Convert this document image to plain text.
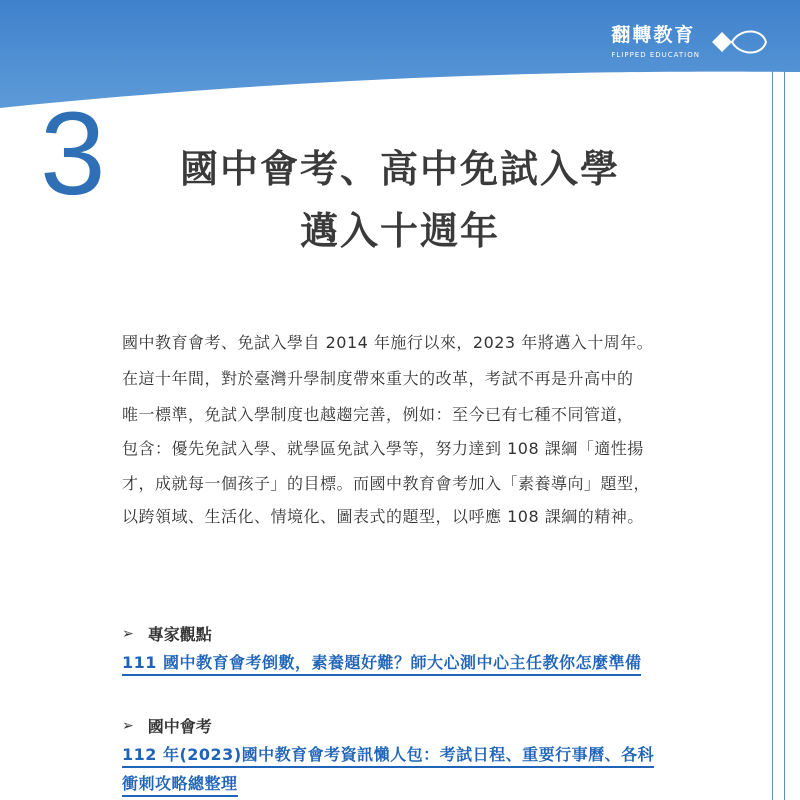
翻轉教育
FLIPPED EDUCATION
3	國中會考、高中免試入學
邁入十週年
國中教育會考、免試入學自 2014 年施行以來，2023 年將邁入十周年。
在這十年間，對於臺灣升學制度帶來重大的改革，考試不再是升高中的
唯一標準，免試入學制度也越趨完善，例如：至今已有七種不同管道，
包含：優先免試入學、就學區免試入學等，努力達到 108 課綱「適性揚
才，成就每一個孩子」的目標。而國中教育會考加入「素養導向」題型，
以跨領域、生活化、情境化、圖表式的題型，以呼應 108 課綱的精神。
➢ 專家觀點
111 國中教育會考倒數，素養題好難？師大心測中心主任教你怎麼準備
➢ 國中會考
112 年(2023)國中教育會考資訊懶人包：考試日程、重要行事曆、各科
衝刺攻略總整理
